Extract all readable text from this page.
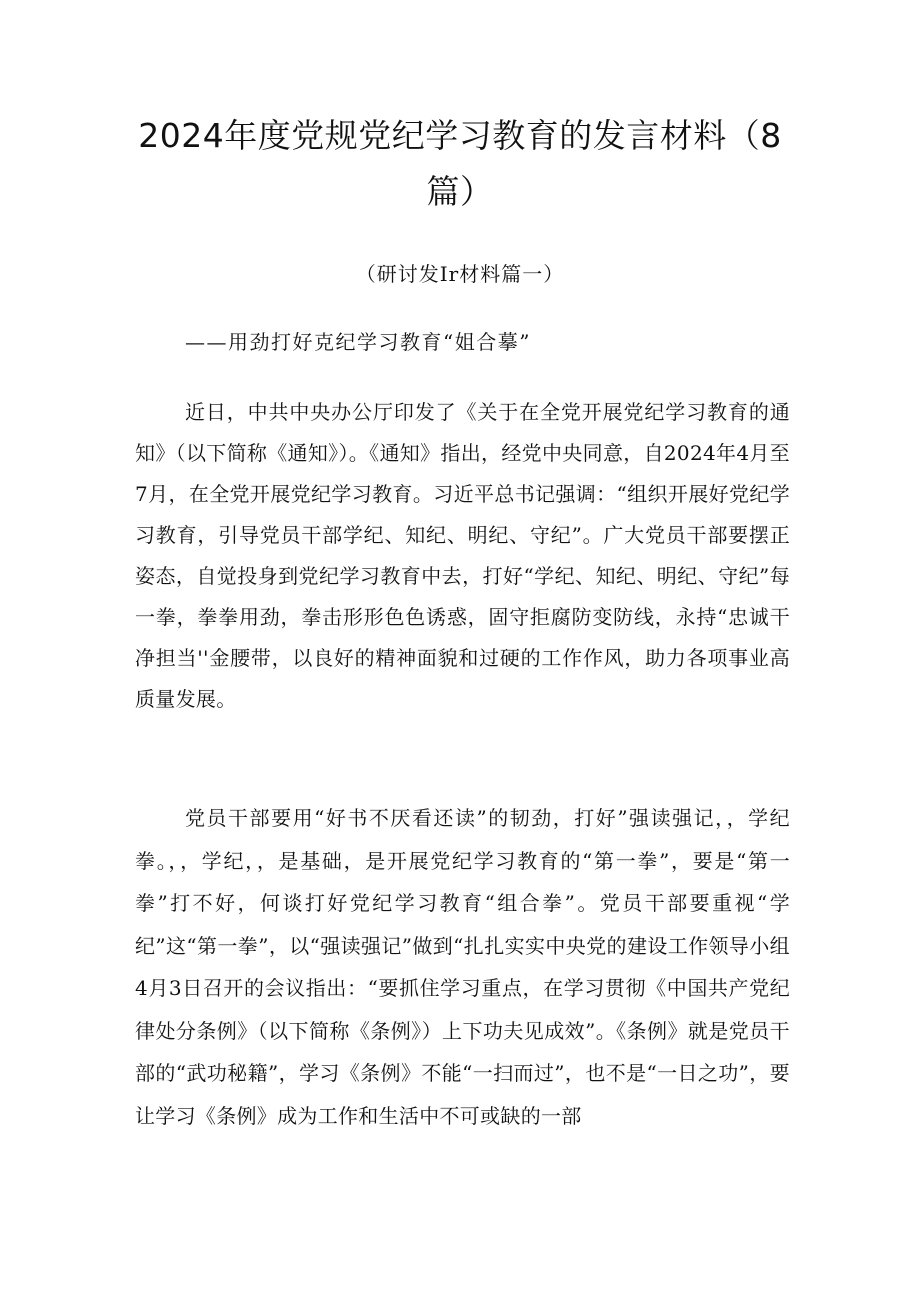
2024年度党规党纪学习教育的发言材料（8篇）
（研讨发Ir材料篇一）
——用劲打好克纪学习教育“姐合摹”

近日，中共中央办公厅印发了《关于在全党开展党纪学习教育的通知》（以下简称《通知》）。《通知》指出，经党中央同意，自2024年4月至7月，在全党开展党纪学习教育。习近平总书记强调：“组织开展好党纪学习教育，引导党员干部学纪、知纪、明纪、守纪”。广大党员干部要摆正姿态，自觉投身到党纪学习教育中去，打好“学纪、知纪、明纪、守纪”每一拳，拳拳用劲，拳击形形色色诱惑，固守拒腐防变防线，永持“忠诚干净担当''金腰带，以良好的精神面貌和过硬的工作作风，助力各项事业高质量发展。

党员干部要用“好书不厌看还读”的韧劲，打好”强读强记，，学纪拳。，，学纪，，是基础，是开展党纪学习教育的“第一拳”，要是“第一拳”打不好，何谈打好党纪学习教育“组合拳”。党员干部要重视“学纪”这“第一拳”，以“强读强记”做到“扎扎实实中央党的建设工作领导小组4月3日召开的会议指出：“要抓住学习重点，在学习贯彻《中国共产党纪律处分条例》（以下简称《条例》）上下功夫见成效”。《条例》就是党员干部的“武功秘籍”，学习《条例》不能“一扫而过”，也不是“一日之功”，要让学习《条例》成为工作和生活中不可或缺的一部
